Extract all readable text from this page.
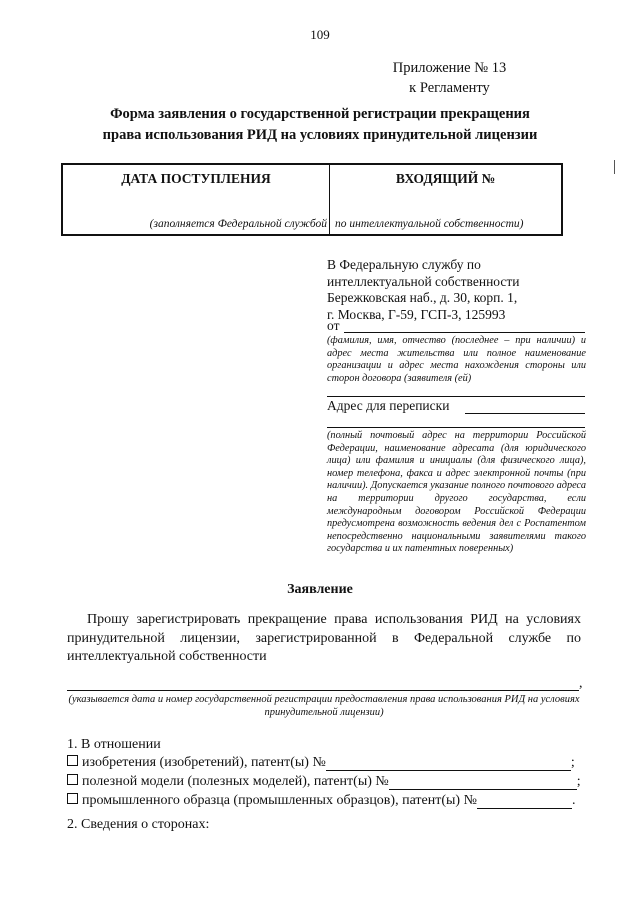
109
Приложение № 13
к Регламенту
Форма заявления о государственной регистрации прекращения
права использования РИД на условиях принудительной лицензии
ДАТА ПОСТУПЛЕНИЯ	ВХОДЯЩИЙ №
(заполняется Федеральной службой по интеллектуальной собственности)
В Федеральную службу по
интеллектуальной собственности
Бережковская наб., д. 30, корп. 1,
г. Москва, Г-59, ГСП-3, 125993
от
(фамилия, имя, отчество (последнее – при наличии) и адрес места жительства или полное наименование организации и адрес места нахождения стороны или сторон договора (заявителя (ей)
Адрес для переписки
(полный почтовый адрес на территории Российской Федерации, наименование адресата (для юридического лица) или фамилия и инициалы (для физического лица), номер телефона, факса и адрес электронной почты (при наличии). Допускается указание полного почтового адреса на территории другого государства, если международным договором Российской Федерации предусмотрена возможность ведения дел с Роспатентом непосредственно национальными заявителями такого государства и их патентных поверенных)
Заявление
Прошу зарегистрировать прекращение права использования РИД на условиях принудительной лицензии, зарегистрированной в Федеральной службе по интеллектуальной собственности
,
(указывается дата и номер государственной регистрации предоставления права использования РИД на условиях принудительной лицензии)
1. В отношении
изобретения (изобретений), патент(ы) №	;
полезной модели (полезных моделей), патент(ы) №	;
промышленного образца (промышленных образцов), патент(ы) №	.
2. Сведения о сторонах:
